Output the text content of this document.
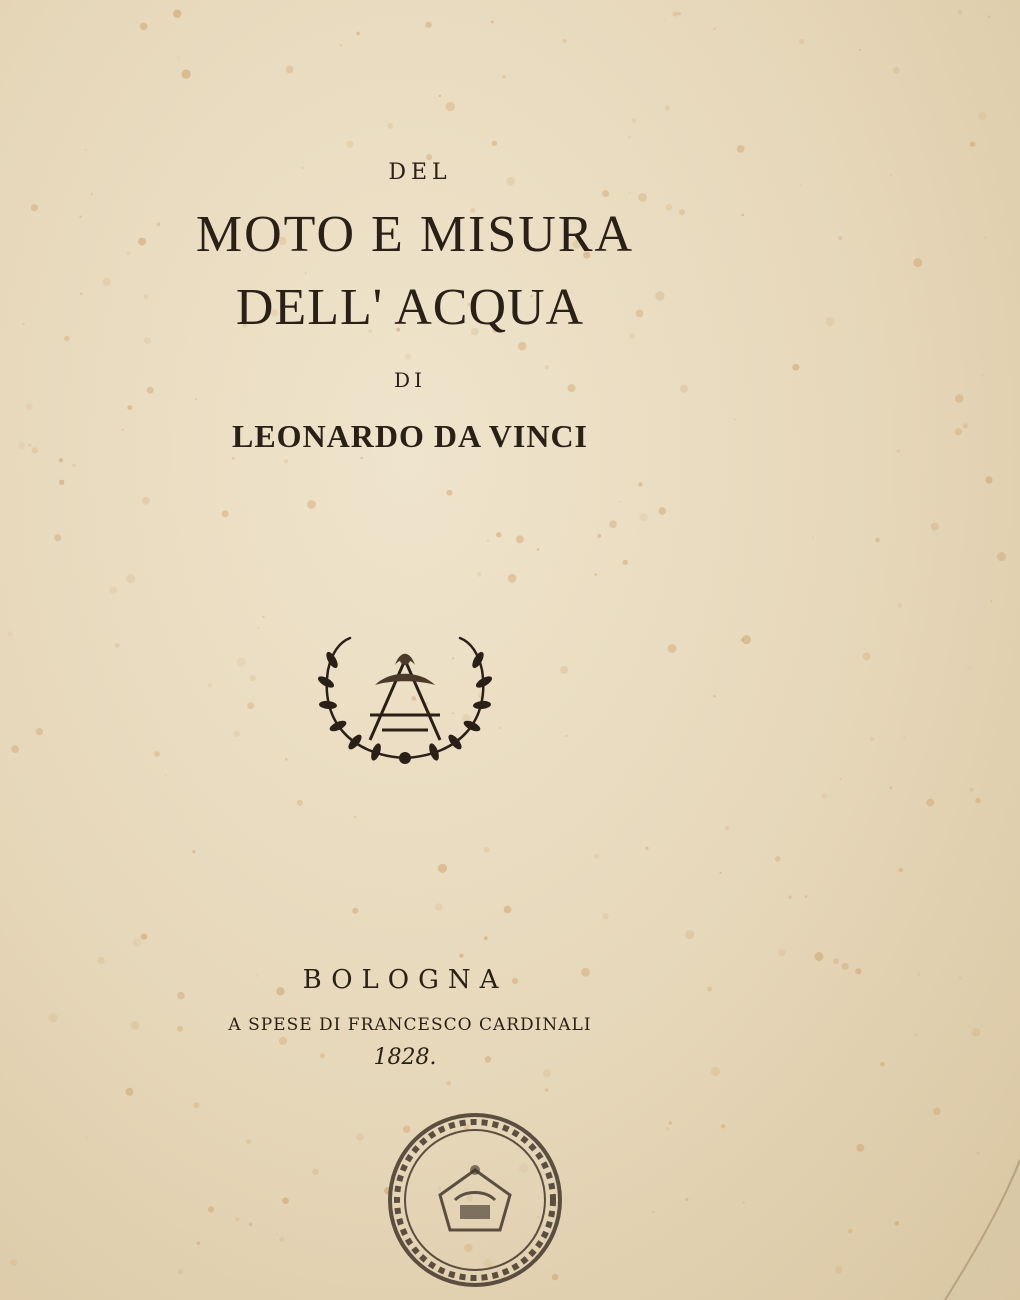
DEL
MOTO E MISURA
DELL' ACQUA
DI
LEONARDO DA VINCI
BOLOGNA
A SPESE DI FRANCESCO CARDINALI
1828.
